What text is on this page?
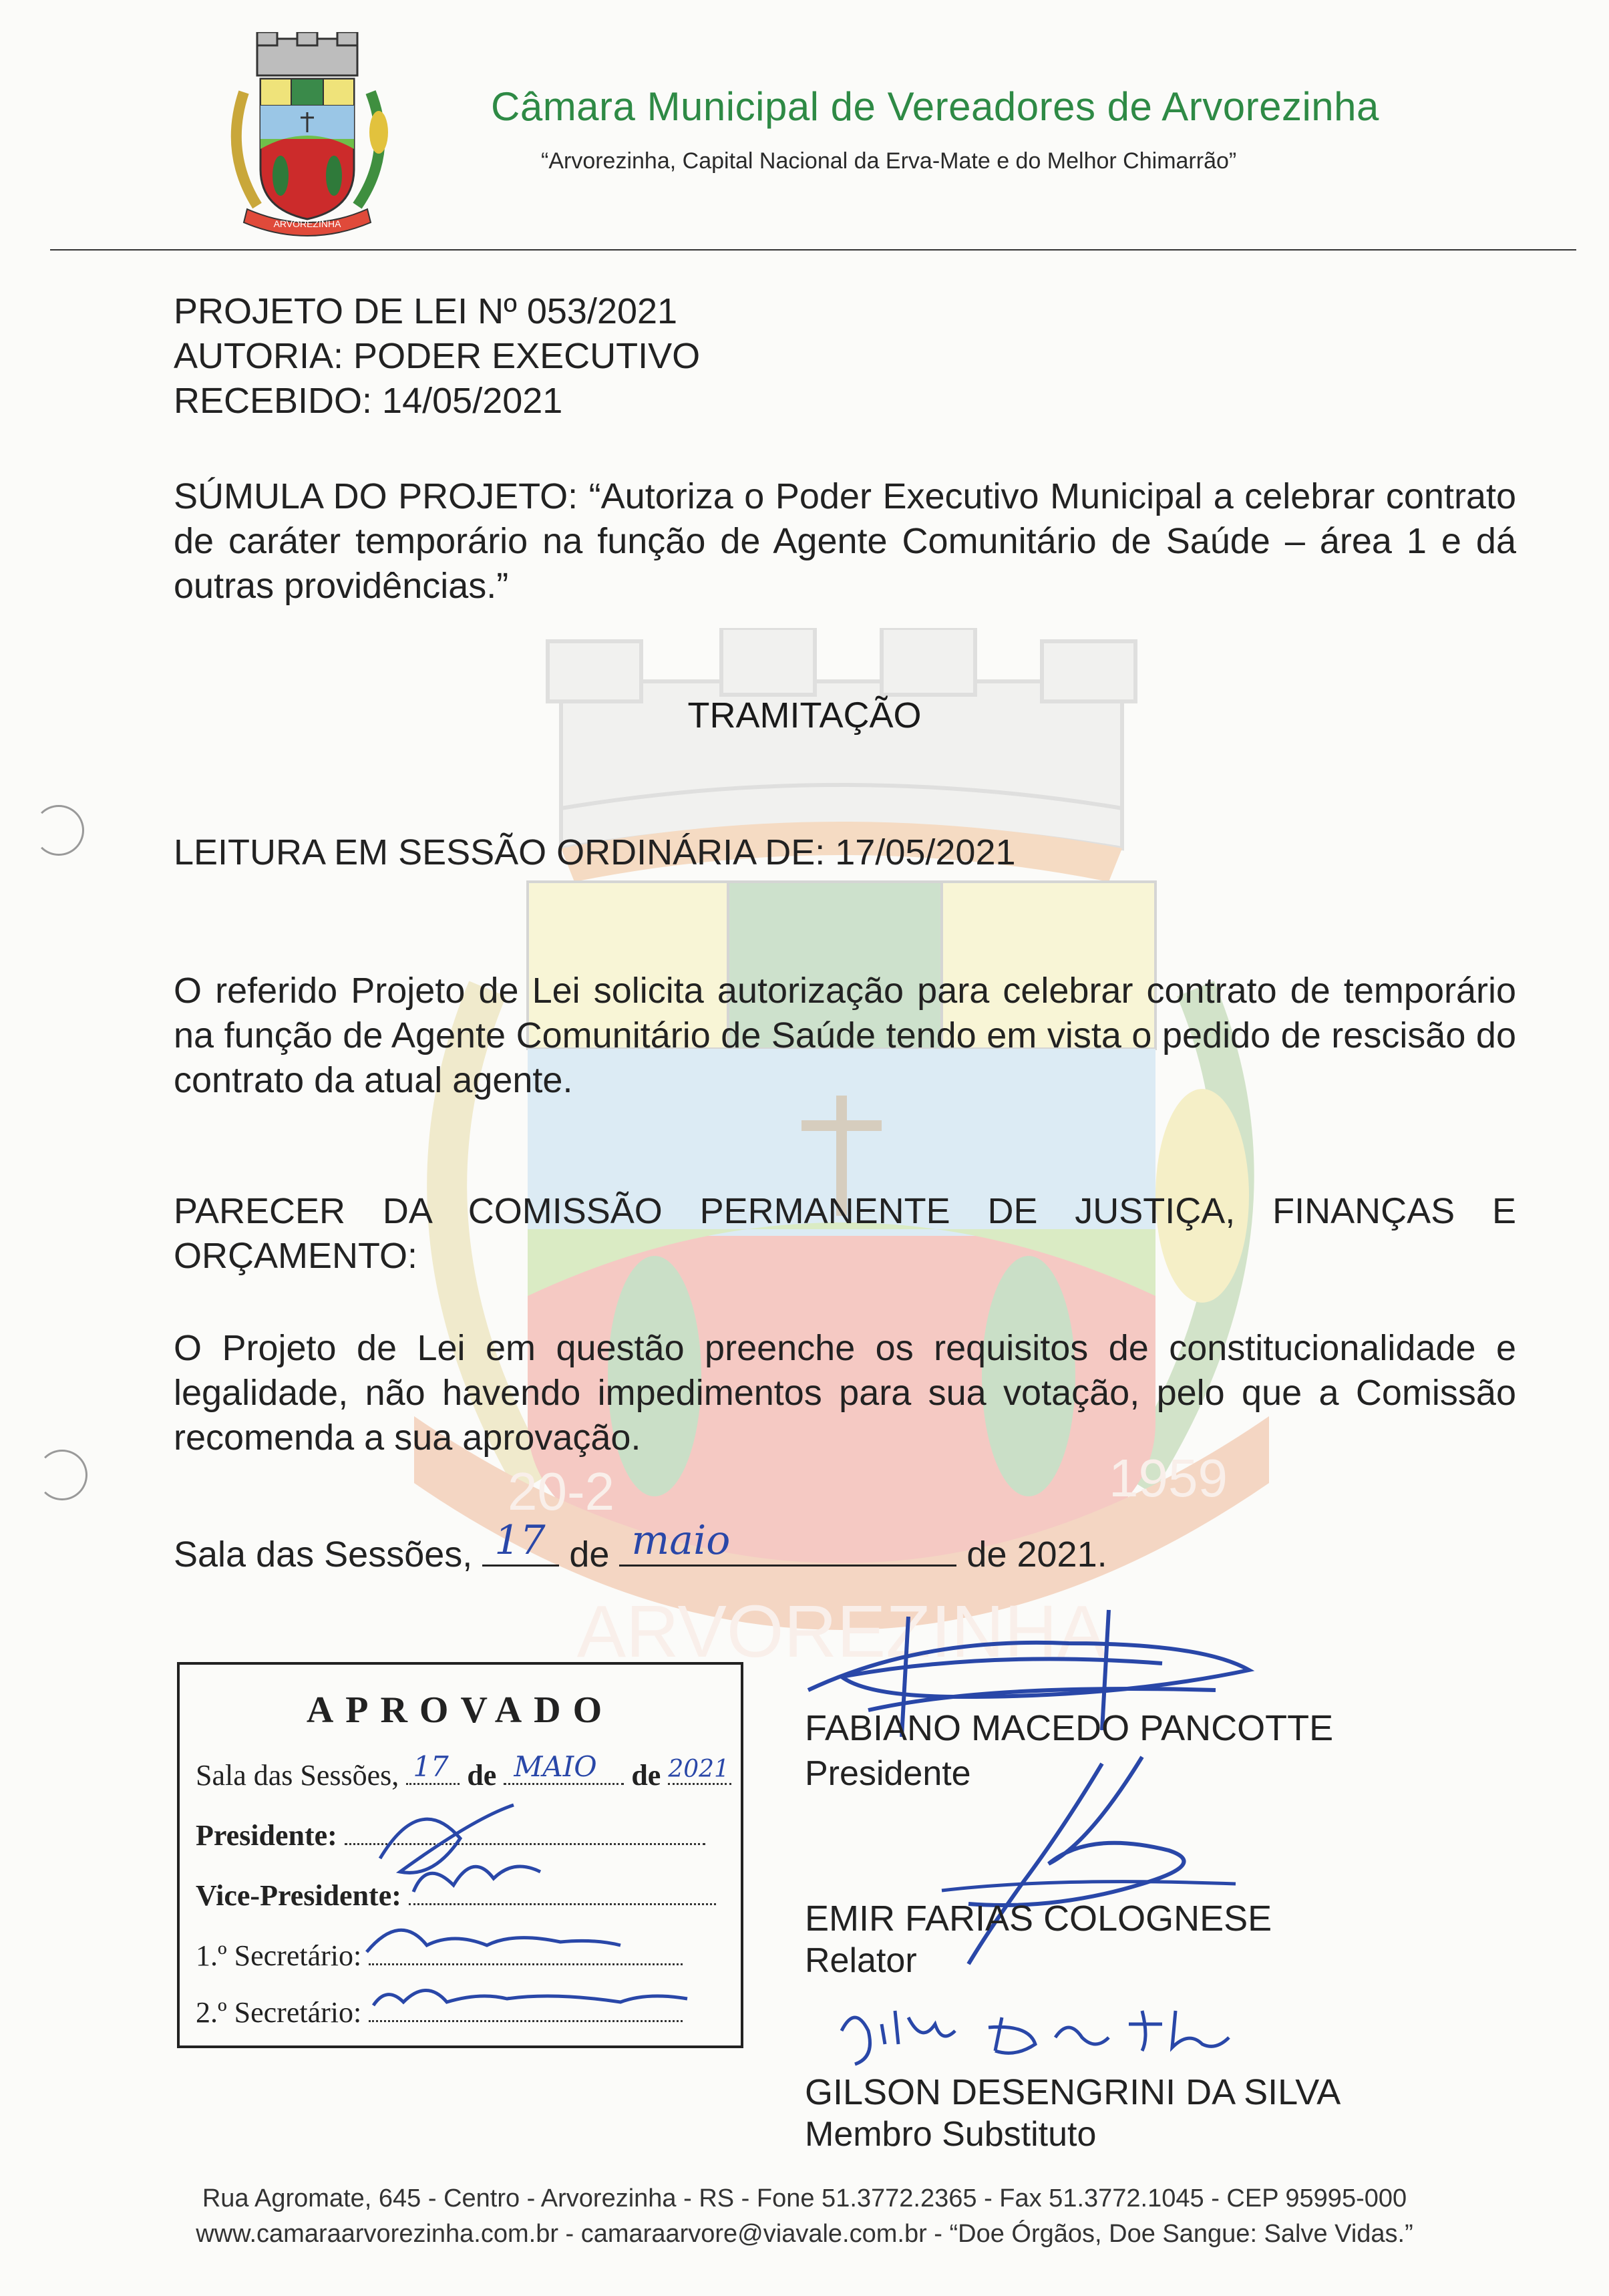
ARVOREZINHA
Câmara Municipal de Vereadores de Arvorezinha
“Arvorezinha, Capital Nacional da Erva-Mate e do Melhor Chimarrão”
ARVOREZINHA
20-2	1959
PROJETO DE LEI Nº 053/2021
AUTORIA: PODER EXECUTIVO
RECEBIDO: 14/05/2021
SÚMULA DO PROJETO: “Autoriza o Poder Executivo Municipal a celebrar contrato de caráter temporário na função de Agente Comunitário de Saúde – área 1 e dá outras providências.”
TRAMITAÇÃO
LEITURA EM SESSÃO ORDINÁRIA DE: 17/05/2021
O referido Projeto de Lei solicita autorização para celebrar contrato de temporário na função de Agente Comunitário de Saúde tendo em vista o pedido de rescisão do contrato da atual agente.
PARECER DA COMISSÃO PERMANENTE DE JUSTIÇA, FINANÇAS E ORÇAMENTO:
O Projeto de Lei em questão preenche os requisitos de constitucionalidade e legalidade, não havendo impedimentos para sua votação, pelo que a Comissão recomenda a sua aprovação.
Sala das Sessões, 17 de maio	de 2021.
APROVADO
Sala das Sessões, 17 de MAIO de 2021
Presidente:
Vice-Presidente:
1.º Secretário:
2.º Secretário:
FABIANO MACEDO PANCOTTE
Presidente
EMIR FARIAS COLOGNESE
Relator
GILSON DESENGRINI DA SILVA
Membro Substituto
Rua Agromate, 645 - Centro - Arvorezinha - RS - Fone 51.3772.2365 - Fax 51.3772.1045 - CEP 95995-000
www.camaraarvorezinha.com.br - camaraarvore@viavale.com.br - “Doe Órgãos, Doe Sangue: Salve Vidas.”
